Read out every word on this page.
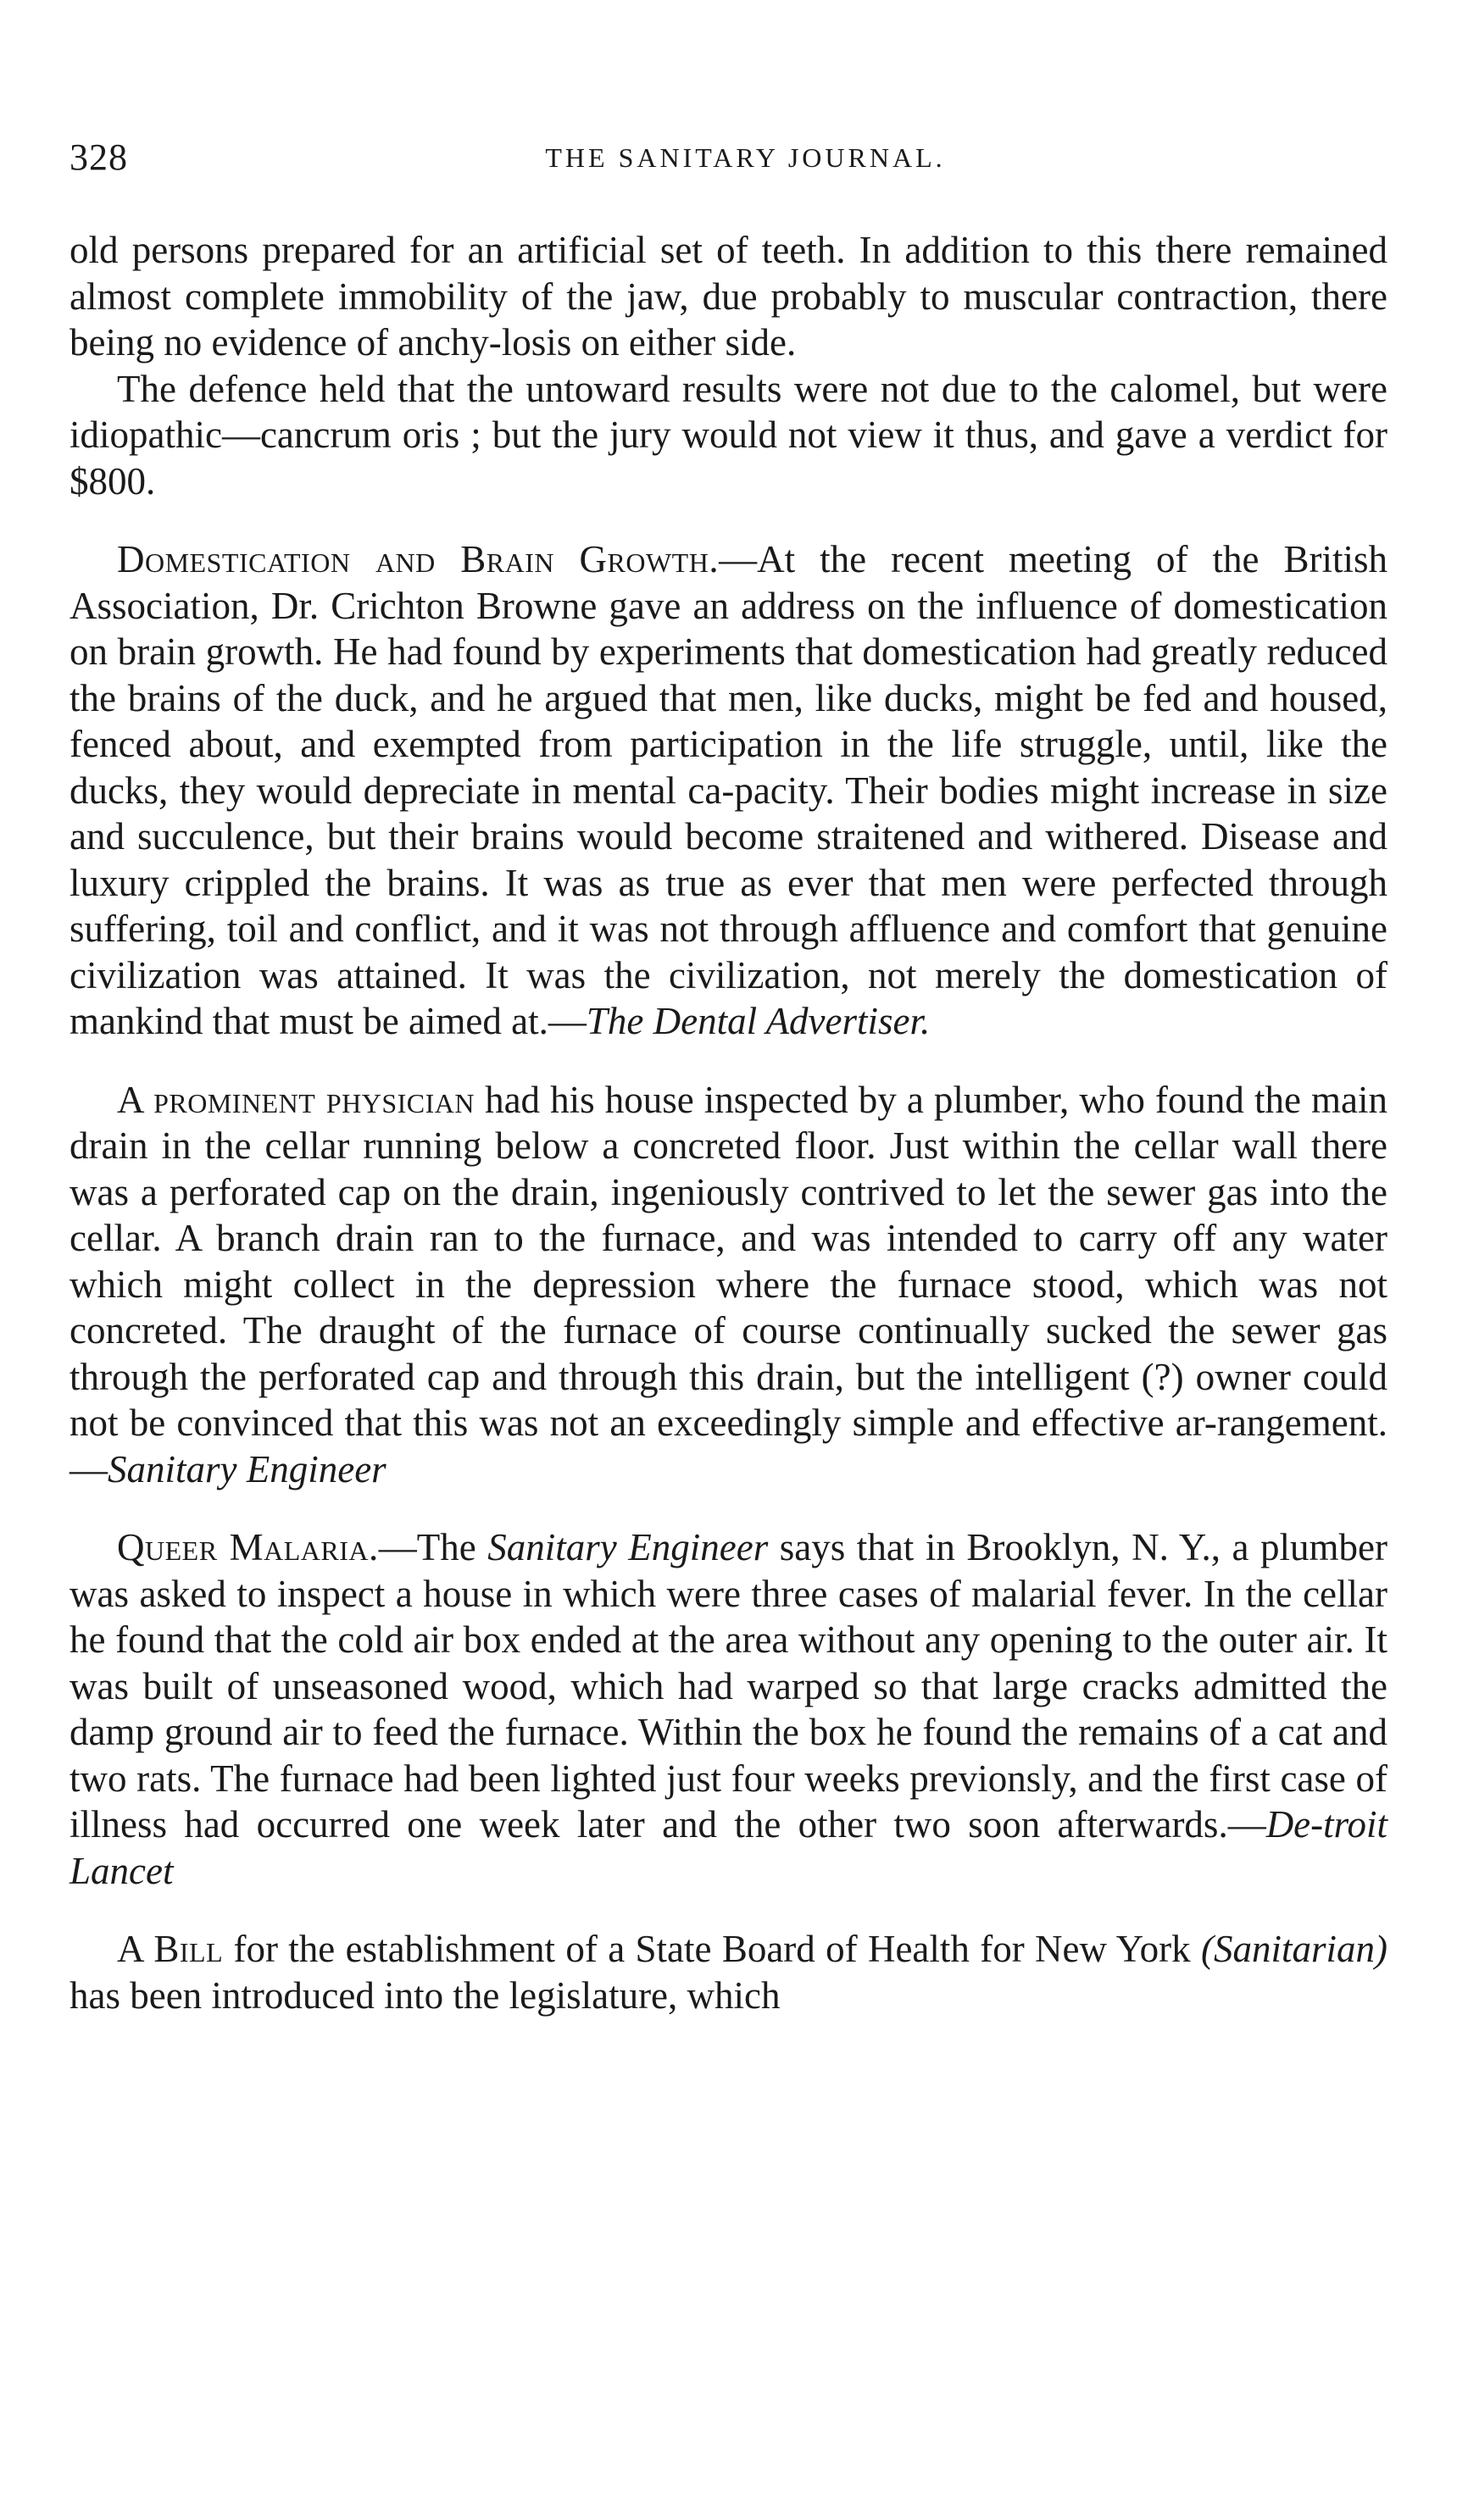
328	THE SANITARY JOURNAL.

old persons prepared for an artificial set of teeth. In addition to this there remained almost complete immobility of the jaw, due probably to muscular contraction, there being no evidence of anchy-losis on either side.

The defence held that the untoward results were not due to the calomel, but were idiopathic—cancrum oris ; but the jury would not view it thus, and gave a verdict for $800.

Domestication and Brain Growth.—At the recent meeting of the British Association, Dr. Crichton Browne gave an address on the influence of domestication on brain growth. He had found by experiments that domestication had greatly reduced the brains of the duck, and he argued that men, like ducks, might be fed and housed, fenced about, and exempted from participation in the life struggle, until, like the ducks, they would depreciate in mental ca-pacity. Their bodies might increase in size and succulence, but their brains would become straitened and withered. Disease and luxury crippled the brains. It was as true as ever that men were perfected through suffering, toil and conflict, and it was not through affluence and comfort that genuine civilization was attained. It was the civilization, not merely the domestication of mankind that must be aimed at.—The Dental Advertiser.

A prominent physician had his house inspected by a plumber, who found the main drain in the cellar running below a concreted floor. Just within the cellar wall there was a perforated cap on the drain, ingeniously contrived to let the sewer gas into the cellar. A branch drain ran to the furnace, and was intended to carry off any water which might collect in the depression where the furnace stood, which was not concreted. The draught of the furnace of course continually sucked the sewer gas through the perforated cap and through this drain, but the intelligent (?) owner could not be convinced that this was not an exceedingly simple and effective ar-rangement.—Sanitary Engineer

Queer Malaria.—The Sanitary Engineer says that in Brooklyn, N. Y., a plumber was asked to inspect a house in which were three cases of malarial fever. In the cellar he found that the cold air box ended at the area without any opening to the outer air. It was built of unseasoned wood, which had warped so that large cracks admitted the damp ground air to feed the furnace. Within the box he found the remains of a cat and two rats. The furnace had been lighted just four weeks previonsly, and the first case of illness had occurred one week later and the other two soon afterwards.—De-troit Lancet

A Bill for the establishment of a State Board of Health for New York (Sanitarian) has been introduced into the legislature, which
